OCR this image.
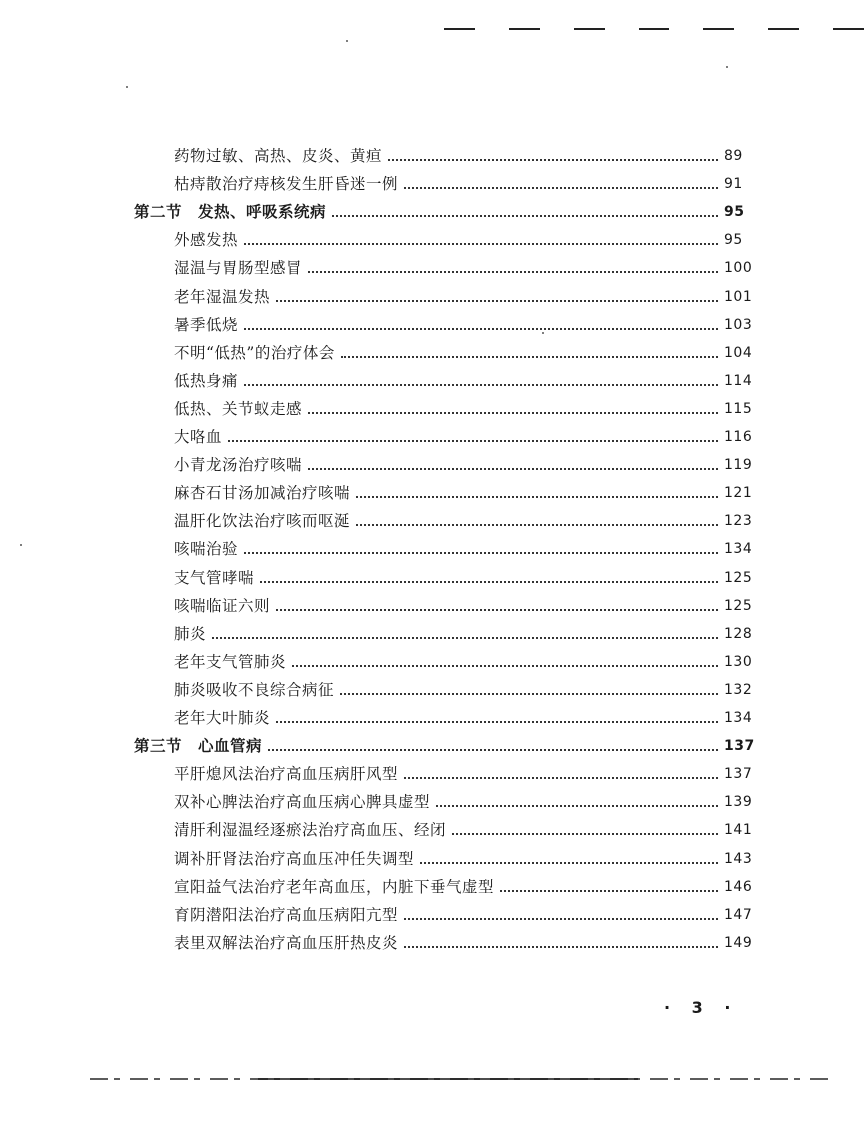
药物过敏、高热、皮炎、黄疸	89
枯痔散治疗痔核发生肝昏迷一例	91
第二节	发热、呼吸系统病	95
外感发热	95
湿温与胃肠型感冒	100
老年湿温发热	101
暑季低烧	103
不明“低热”的治疗体会	104
低热身痛	114
低热、关节蚁走感	115
大咯血	116
小青龙汤治疗咳喘	119
麻杏石甘汤加减治疗咳喘	121
温肝化饮法治疗咳而呕涎	123
咳喘治验	134
支气管哮喘	125
咳喘临证六则	125
肺炎	128
老年支气管肺炎	130
肺炎吸收不良综合病征	132
老年大叶肺炎	134
第三节	心血管病	137
平肝熄风法治疗高血压病肝风型	137
双补心脾法治疗高血压病心脾具虚型	139
清肝利湿温经逐瘀法治疗高血压、经闭	141
调补肝肾法治疗高血压冲任失调型	143
宣阳益气法治疗老年高血压，内脏下垂气虚型	146
育阴潜阳法治疗高血压病阳亢型	147
表里双解法治疗高血压肝热皮炎	149
· 3 ·
